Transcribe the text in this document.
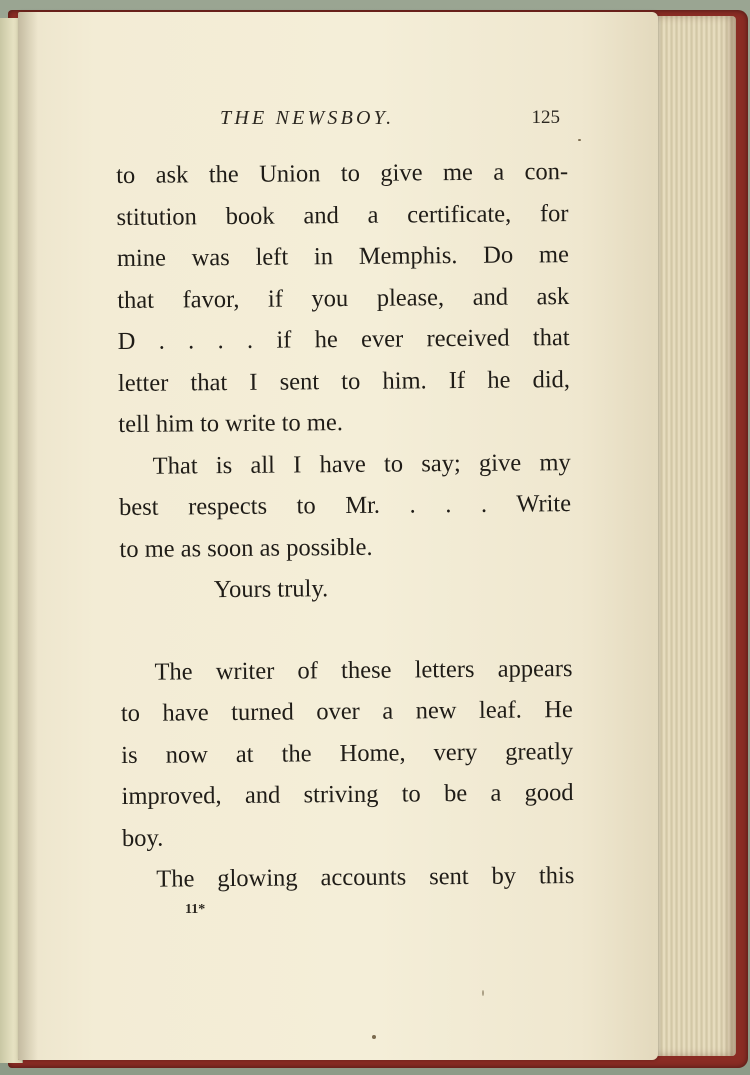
THE NEWSBOY.	125
to ask the Union to give me a con-
stitution book and a certificate, for
mine was left in Memphis. Do me
that favor, if you please, and ask
D . . . . if he ever received that
letter that I sent to him. If he did,
tell him to write to me.
That is all I have to say; give my
best respects to Mr. . . . Write
to me as soon as possible.
Yours truly.
The writer of these letters appears
to have turned over a new leaf. He
is now at the Home, very greatly
improved, and striving to be a good
boy.
The glowing accounts sent by this
11*
